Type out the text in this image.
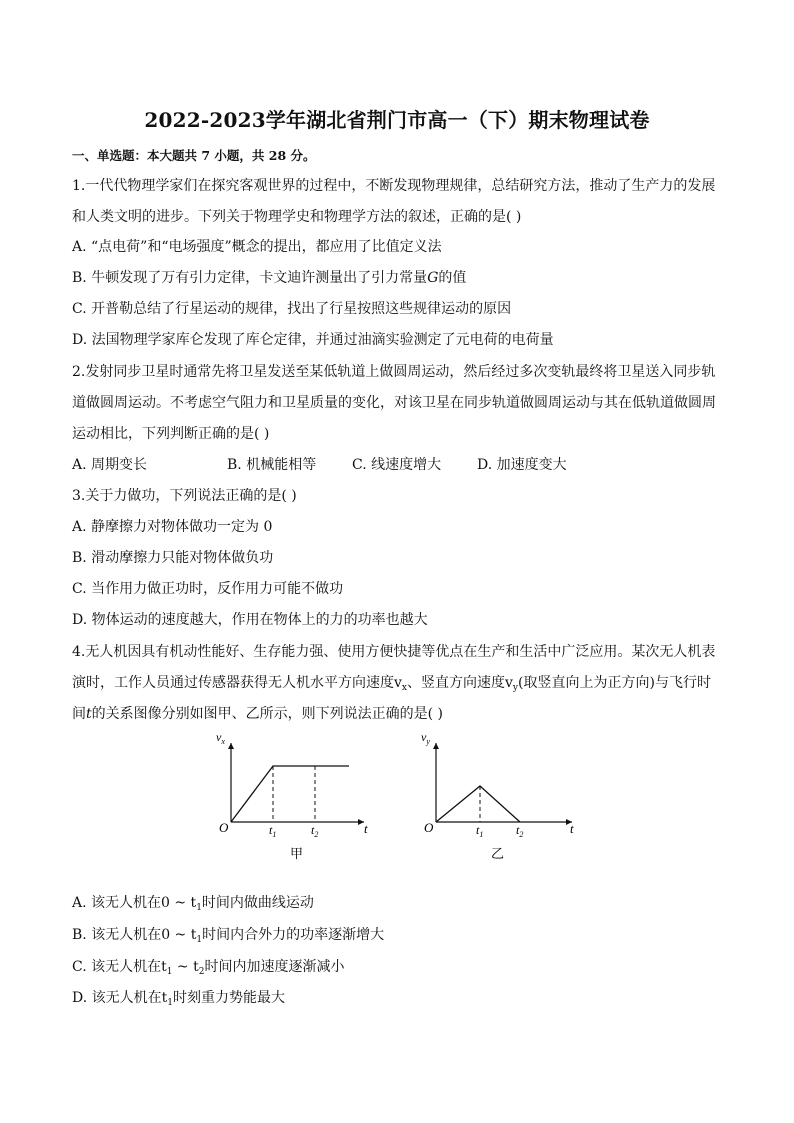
2022-2023学年湖北省荆门市高一（下）期末物理试卷
一、单选题：本大题共 7 小题，共 28 分。
1.一代代物理学家们在探究客观世界的过程中，不断发现物理规律，总结研究方法，推动了生产力的发展
和人类文明的进步。下列关于物理学史和物理学方法的叙述，正确的是( )
A. “点电荷”和“电场强度”概念的提出，都应用了比值定义法
B. 牛顿发现了万有引力定律，卡文迪许测量出了引力常量G的值
C. 开普勒总结了行星运动的规律，找出了行星按照这些规律运动的原因
D. 法国物理学家库仑发现了库仑定律，并通过油滴实验测定了元电荷的电荷量
2.发射同步卫星时通常先将卫星发送至某低轨道上做圆周运动，然后经过多次变轨最终将卫星送入同步轨
道做圆周运动。不考虑空气阻力和卫星质量的变化，对该卫星在同步轨道做圆周运动与其在低轨道做圆周
运动相比，下列判断正确的是( )
A. 周期变长	B. 机械能相等	C. 线速度增大	D. 加速度变大
3.关于力做功，下列说法正确的是( )
A. 静摩擦力对物体做功一定为 0
B. 滑动摩擦力只能对物体做负功
C. 当作用力做正功时，反作用力可能不做功
D. 物体运动的速度越大，作用在物体上的力的功率也越大
4.无人机因具有机动性能好、生存能力强、使用方便快捷等优点在生产和生活中广泛应用。某次无人机表
演时，工作人员通过传感器获得无人机水平方向速度$v_x$、竖直方向速度$v_y$(取竖直向上为正方向)与飞行时
间t的关系图像分别如图甲、乙所示，则下列说法正确的是( )
$v_x$
O	t
$t_1$	$t_2$
甲
$v_y$
O	t
$t_1$	$t_2$
乙
A. 该无人机在0 ~ $t_1$时间内做曲线运动
B. 该无人机在0 ~ $t_1$时间内合外力的功率逐渐增大
C. 该无人机在$t_1$ ~ $t_2$时间内加速度逐渐减小
D. 该无人机在$t_1$时刻重力势能最大
